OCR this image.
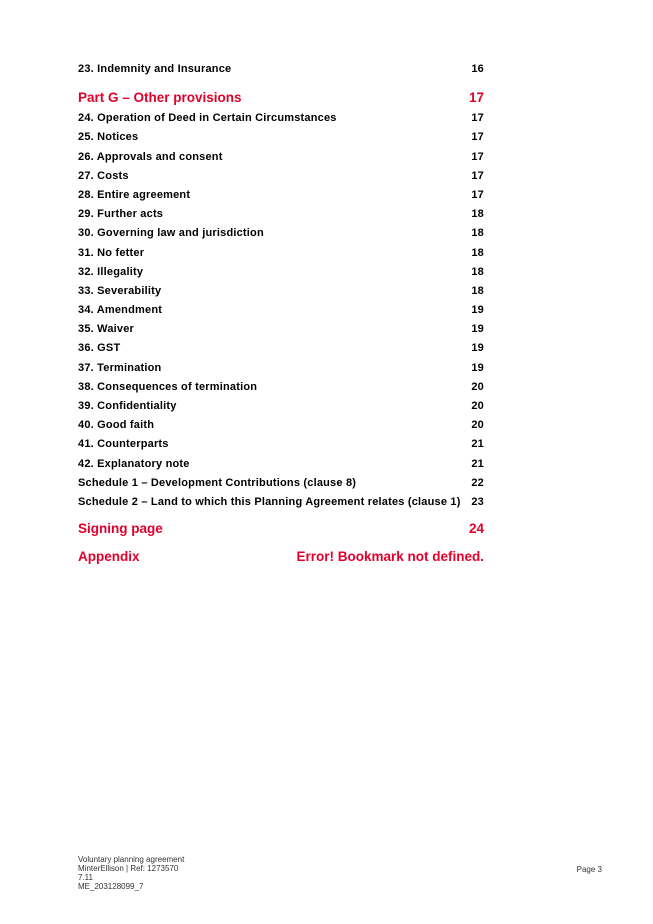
23. Indemnity and Insurance	16
Part G – Other provisions	17
24. Operation of Deed in Certain Circumstances	17
25. Notices	17
26. Approvals and consent	17
27. Costs	17
28. Entire agreement	17
29. Further acts	18
30. Governing law and jurisdiction	18
31. No fetter	18
32. Illegality	18
33. Severability	18
34. Amendment	19
35. Waiver	19
36. GST	19
37. Termination	19
38. Consequences of termination	20
39. Confidentiality	20
40. Good faith	20
41. Counterparts	21
42. Explanatory note	21
Schedule 1 – Development Contributions (clause 8)	22
Schedule 2 – Land to which this Planning Agreement relates (clause 1) 23
Signing page	24
Appendix	Error! Bookmark not defined.
Voluntary planning agreement
MinterEllison | Ref: 1273570
7.11
ME_203128099_7
Page 3
